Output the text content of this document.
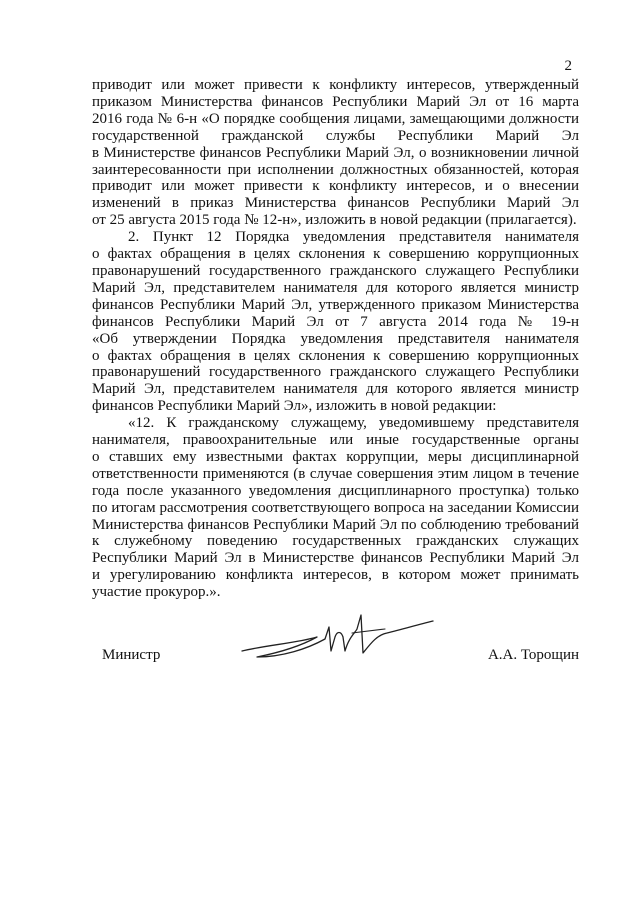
2
приводит или может привести к конфликту интересов, утвержденный
приказом Министерства финансов Республики Марий Эл от 16 марта
2016 года № 6-н «О порядке сообщения лицами, замещающими должности
государственной гражданской службы Республики Марий Эл
в Министерстве финансов Республики Марий Эл, о возникновении личной
заинтересованности при исполнении должностных обязанностей, которая
приводит или может привести к конфликту интересов, и о внесении
изменений в приказ Министерства финансов Республики Марий Эл
от 25 августа 2015 года № 12-н», изложить в новой редакции (прилагается).
2. Пункт 12 Порядка уведомления представителя нанимателя
о фактах обращения в целях склонения к совершению коррупционных
правонарушений государственного гражданского служащего Республики
Марий Эл, представителем нанимателя для которого является министр
финансов Республики Марий Эл, утвержденного приказом Министерства
финансов Республики Марий Эл от 7 августа 2014 года № 19-н
«Об утверждении Порядка уведомления представителя нанимателя
о фактах обращения в целях склонения к совершению коррупционных
правонарушений государственного гражданского служащего Республики
Марий Эл, представителем нанимателя для которого является министр
финансов Республики Марий Эл», изложить в новой редакции:
«12. К гражданскому служащему, уведомившему представителя
нанимателя, правоохранительные или иные государственные органы
о ставших ему известными фактах коррупции, меры дисциплинарной
ответственности применяются (в случае совершения этим лицом в течение
года после указанного уведомления дисциплинарного проступка) только
по итогам рассмотрения соответствующего вопроса на заседании Комиссии
Министерства финансов Республики Марий Эл по соблюдению требований
к служебному поведению государственных гражданских служащих
Республики Марий Эл в Министерстве финансов Республики Марий Эл
и урегулированию конфликта интересов, в котором может принимать
участие прокурор.».
Министр	А.А. Торощин
